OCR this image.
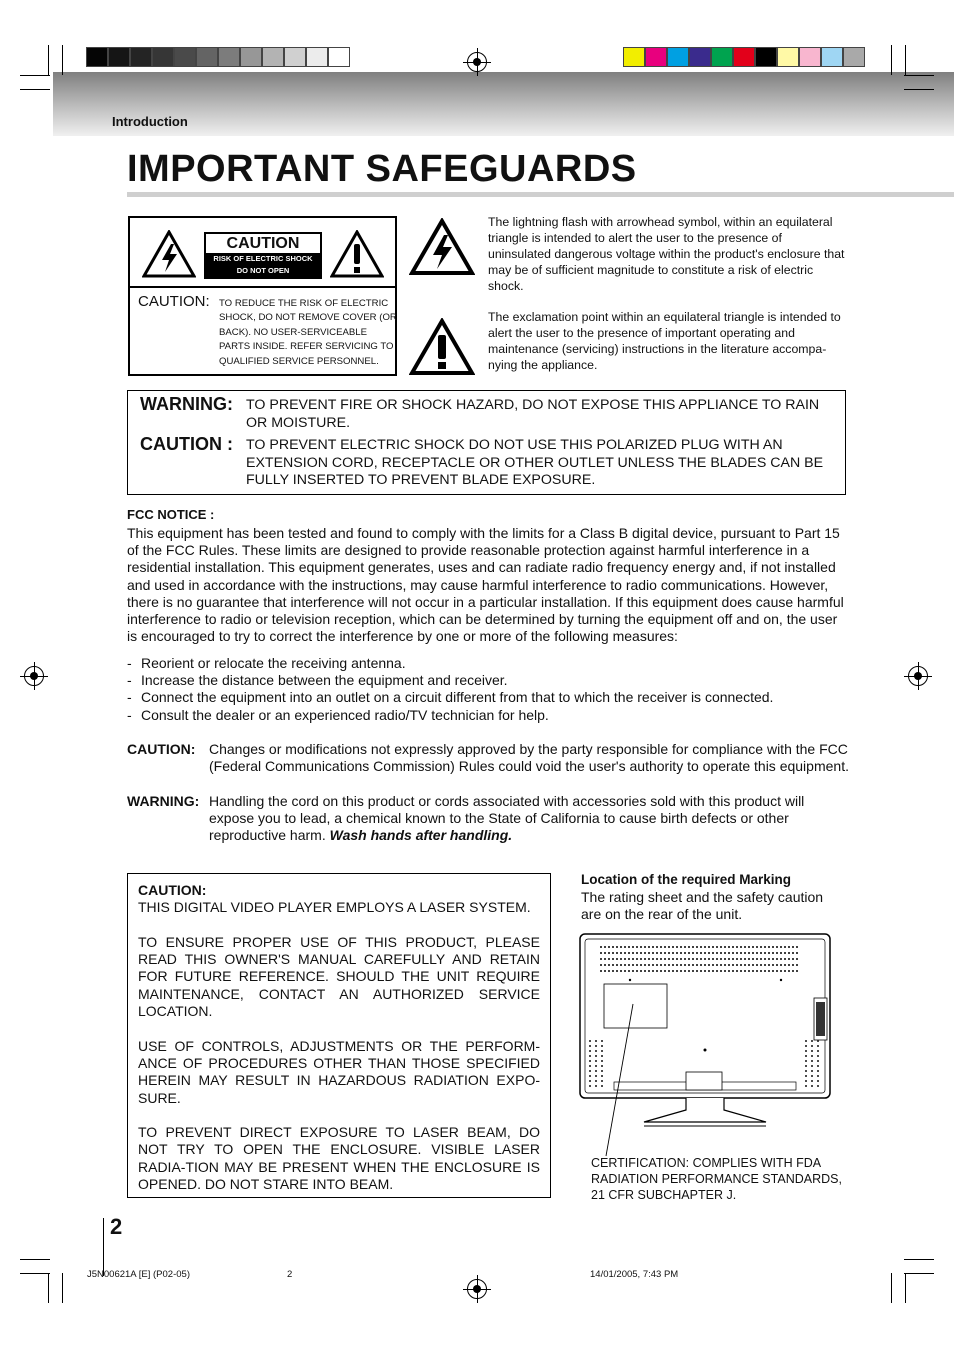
Introduction
IMPORTANT SAFEGUARDS
CAUTION
RISK OF ELECTRIC SHOCK
DO NOT OPEN
CAUTION: TO REDUCE THE RISK OF ELECTRIC SHOCK, DO NOT REMOVE COVER (OR BACK). NO USER-SERVICEABLE PARTS INSIDE. REFER SERVICING TO QUALIFIED SERVICE PERSONNEL.
The lightning flash with arrowhead symbol, within an equilateral triangle is intended to alert the user to the presence of uninsulated dangerous voltage within the product's enclosure that may be of sufficient magnitude to constitute a risk of electric shock.
The exclamation point within an equilateral triangle is intended to alert the user to the presence of important operating and maintenance (servicing) instructions in the literature accompa-nying the appliance.
WARNING: TO PREVENT FIRE OR SHOCK HAZARD, DO NOT EXPOSE THIS APPLIANCE TO RAIN OR MOISTURE.
CAUTION : TO PREVENT ELECTRIC SHOCK DO NOT USE THIS POLARIZED PLUG WITH AN EXTENSION CORD, RECEPTACLE OR OTHER OUTLET UNLESS THE BLADES CAN BE FULLY INSERTED TO PREVENT BLADE EXPOSURE.
FCC NOTICE :
This equipment has been tested and found to comply with the limits for a Class B digital device, pursuant to Part 15 of the FCC Rules. These limits are designed to provide reasonable protection against harmful interference in a residential installation. This equipment generates, uses and can radiate radio frequency energy and, if not installed and used in accordance with the instructions, may cause harmful interference to radio communications. However, there is no guarantee that interference will not occur in a particular installation. If this equipment does cause harmful interference to radio or television reception, which can be determined by turning the equipment off and on, the user is encouraged to try to correct the interference by one or more of the following measures:
- Reorient or relocate the receiving antenna.
- Increase the distance between the equipment and receiver.
- Connect the equipment into an outlet on a circuit different from that to which the receiver is connected.
- Consult the dealer or an experienced radio/TV technician for help.
CAUTION: Changes or modifications not expressly approved by the party responsible for compliance with the FCC (Federal Communications Commission) Rules could void the user's authority to operate this equipment.
WARNING: Handling the cord on this product or cords associated with accessories sold with this product will expose you to lead, a chemical known to the State of California to cause birth defects or other reproductive harm. Wash hands after handling.

CAUTION:

THIS DIGITAL VIDEO PLAYER EMPLOYS A LASER SYSTEM.

TO ENSURE PROPER USE OF THIS PRODUCT, PLEASE READ THIS OWNER'S MANUAL CAREFULLY AND RETAIN FOR FUTURE REFERENCE. SHOULD THE UNIT REQUIRE MAINTENANCE, CONTACT AN AUTHORIZED SERVICE LOCATION.

USE OF CONTROLS, ADJUSTMENTS OR THE PERFORM-ANCE OF PROCEDURES OTHER THAN THOSE SPECIFIED HEREIN MAY RESULT IN HAZARDOUS RADIATION EXPO-SURE.

TO PREVENT DIRECT EXPOSURE TO LASER BEAM, DO NOT TRY TO OPEN THE ENCLOSURE. VISIBLE LASER RADIA-TION MAY BE PRESENT WHEN THE ENCLOSURE IS OPENED. DO NOT STARE INTO BEAM.

Location of the required Marking
The rating sheet and the safety caution are on the rear of the unit.
CERTIFICATION: COMPLIES WITH FDA RADIATION PERFORMANCE STANDARDS, 21 CFR SUBCHAPTER J.
2
J5N00621A [E] (P02-05)	2	14/01/2005, 7:43 PM
